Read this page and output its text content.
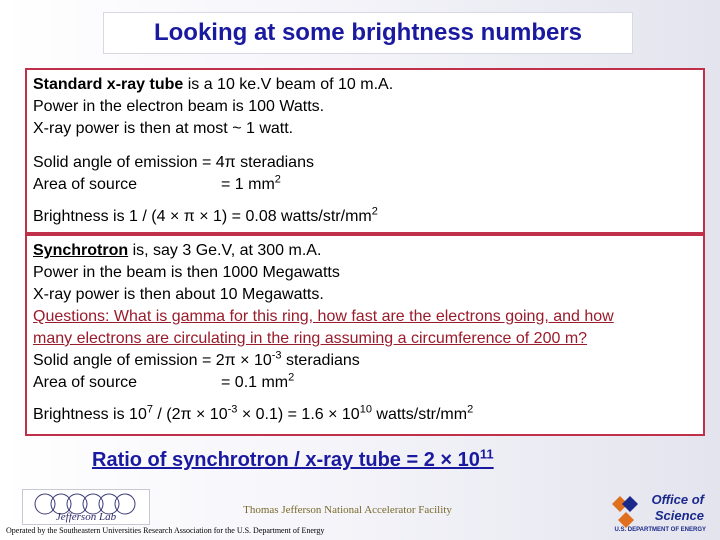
Looking at some brightness numbers
Standard x-ray tube is a 10 ke.V beam of 10 m.A.
Power in the electron beam is 100 Watts.
X-ray power is then at most ~ 1 watt.
Solid angle of emission = 4π steradians
Area of source	= 1 $mm^2$
Brightness is 1 / (4 × π × 1) = 0.08 watts/$str/mm^2$
Synchrotron is, say 3 Ge.V, at 300 m.A.
Power in the beam is then 1000 Megawatts
X-ray power is then about 10 Megawatts.
Questions: What is gamma for this ring, how fast are the electrons going, and how
many electrons are circulating in the ring assuming a circumference of 200 m?
Solid angle of emission = $2\pi \times 10^{-3}$ steradians
Area of source	= 0.1 $mm^2$
Brightness is $10^7 / (2\pi \times 10^{-3} \times 0.1) = 1.6 \times 10^{10}$ watts/$str/mm^2$
Ratio of synchrotron / x-ray tube = $2 \times 10^{11}$
Jefferson Lab
Thomas Jefferson National Accelerator Facility
Operated by the Southeastern Universities Research Association for the U.S. Department of Energy
Office of
Science
U.S. DEPARTMENT OF ENERGY
